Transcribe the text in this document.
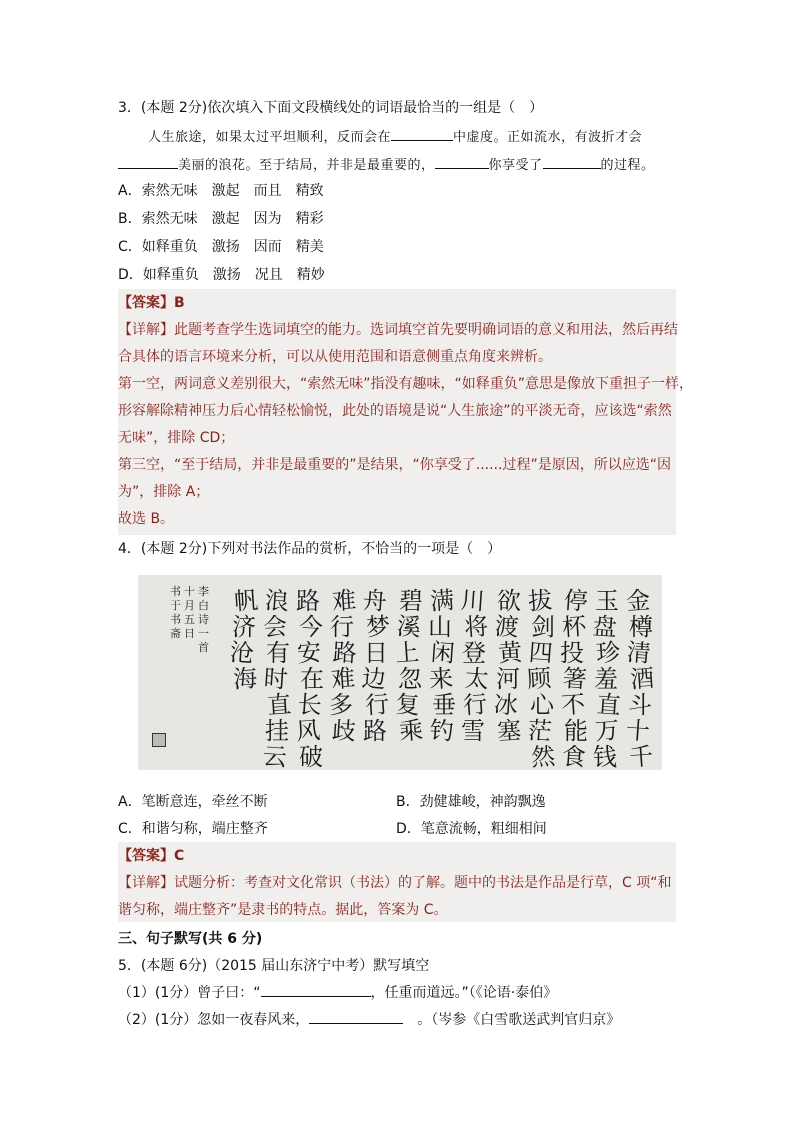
3．(本题 2分)依次填入下面文段横线处的词语最恰当的一组是（　）
人生旅途，如果太过平坦顺利，反而会在	中虚度。正如流水，有波折才会
美丽的浪花。至于结局，并非是最重要的，	你享受了	的过程。
A．索然无味　激起　而且　精致
B．索然无味　激起　因为　精彩
C．如释重负　激扬　因而　精美
D．如释重负　激扬　况且　精妙
【答案】B
【详解】此题考查学生选词填空的能力。选词填空首先要明确词语的意义和用法，然后再结
合具体的语言环境来分析，可以从使用范围和语意侧重点角度来辨析。
第一空，两词意义差别很大，“索然无味”指没有趣味，“如释重负”意思是像放下重担子一样，
形容解除精神压力后心情轻松愉悦，此处的语境是说“人生旅途”的平淡无奇，应该选“索然
无味”，排除 CD；
第三空，“至于结局，并非是最重要的”是结果，“你享受了......过程”是原因，所以应选“因
为”，排除 A；
故选 B。
4．(本题 2分)下列对书法作品的赏析，不恰当的一项是（　）
金
樽
清
酒
斗
十
千
玉
盘
珍
羞
直
万
钱
停
杯
投
箸
不
能
食
拔
剑
四
顾
心
茫
然
欲
渡
黄
河
冰
塞
川
将
登
太
行
雪
满
山
闲
来
垂
钓
碧
溪
上
忽
复
乘
舟
梦
日
边
行
路
难
行
路
难
多
歧
路
今
安
在
长
风
破
浪
会
有
时
直
挂
云
帆
济
沧
海
李
白
诗
一
首
十
月
五
日
书
于
书
斋
A．笔断意连，牵丝不断	B．劲健雄峻，神韵飘逸
C．和谐匀称，端庄整齐	D．笔意流畅，粗细相间
【答案】C
【详解】试题分析：考查对文化常识（书法）的了解。题中的书法是作品是行草，C 项“和
谐匀称，端庄整齐”是隶书的特点。据此，答案为 C。
三、句子默写(共 6 分)
5．(本题 6分)（2015 届山东济宁中考）默写填空
（1）(1分）曾子曰：“	，任重而道远。”（《论语·泰伯》
（2）(1分）忽如一夜春风来，	。（岑参《白雪歌送武判官归京》
